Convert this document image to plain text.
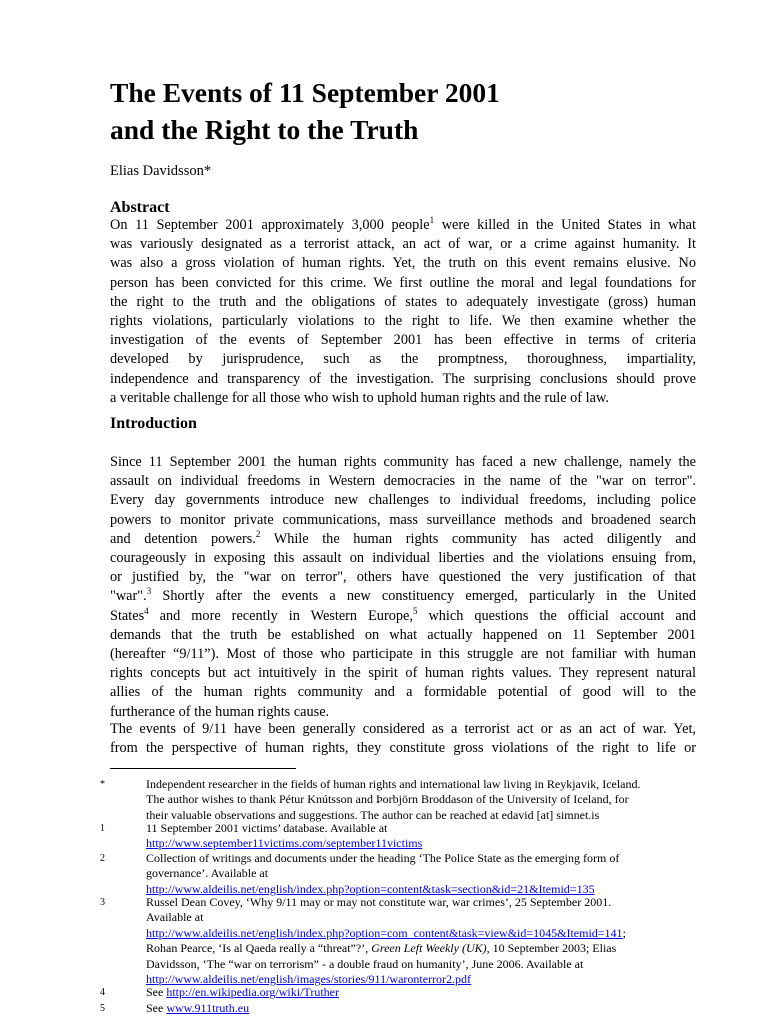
The Events of 11 September 2001
and the Right to the Truth
Elias Davidsson*
Abstract
On 11 September 2001 approximately 3,000 people$^1$ were killed in the United States in what
was variously designated as a terrorist attack, an act of war, or a crime against humanity. It
was also a gross violation of human rights. Yet, the truth on this event remains elusive. No
person has been convicted for this crime. We first outline the moral and legal foundations for
the right to the truth and the obligations of states to adequately investigate (gross) human
rights violations, particularly violations to the right to life. We then examine whether the
investigation of the events of September 2001 has been effective in terms of criteria
developed by jurisprudence, such as the promptness, thoroughness, impartiality,
independence and transparency of the investigation. The surprising conclusions should prove
a veritable challenge for all those who wish to uphold human rights and the rule of law.
Introduction
Since 11 September 2001 the human rights community has faced a new challenge, namely the
assault on individual freedoms in Western democracies in the name of the "war on terror".
Every day governments introduce new challenges to individual freedoms, including police
powers to monitor private communications, mass surveillance methods and broadened search
and detention powers.$^2$ While the human rights community has acted diligently and
courageously in exposing this assault on individual liberties and the violations ensuing from,
or justified by, the "war on terror", others have questioned the very justification of that
"war".$^3$ Shortly after the events a new constituency emerged, particularly in the United
States$^4$ and more recently in Western Europe,$^5$ which questions the official account and
demands that the truth be established on what actually happened on 11 September 2001
(hereafter “9/11”). Most of those who participate in this struggle are not familiar with human
rights concepts but act intuitively in the spirit of human rights values. They represent natural
allies of the human rights community and a formidable potential of good will to the
furtherance of the human rights cause.
The events of 9/11 have been generally considered as a terrorist act or as an act of war. Yet,
from the perspective of human rights, they constitute gross violations of the right to life or
*	Independent researcher in the fields of human rights and international law living in Reykjavik, Iceland.
The author wishes to thank Pétur Knútsson and Þorbjörn Broddason of the University of Iceland, for
their valuable observations and suggestions. The author can be reached at edavid [at] simnet.is
1	11 September 2001 victims’ database. Available at
http://www.september11victims.com/september11victims
2	Collection of writings and documents under the heading ‘The Police State as the emerging form of
governance’. Available at
http://www.aldeilis.net/english/index.php?option=content&task=section&id=21&Itemid=135
3	Russel Dean Covey, ‘Why 9/11 may or may not constitute war, war crimes’, 25 September 2001.
Available at
http://www.aldeilis.net/english/index.php?option=com_content&task=view&id=1045&Itemid=141;
Rohan Pearce, ‘Is al Qaeda really a “threat”?’, Green Left Weekly (UK), 10 September 2003; Elias
Davidsson, ‘The “war on terrorism” - a double fraud on humanity’, June 2006. Available at
http://www.aldeilis.net/english/images/stories/911/waronterror2.pdf
4	See http://en.wikipedia.org/wiki/Truther
5	See www.911truth.eu
